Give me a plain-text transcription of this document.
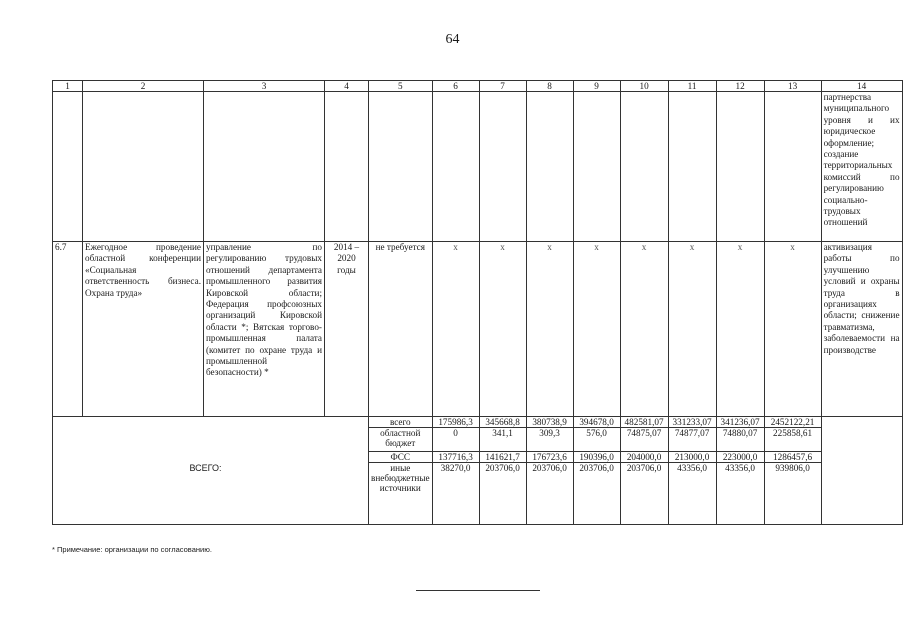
64
1	2	3	4	5	6	7	8	9	10	11	12	13	14
													партнерства муниципального уровня и их юридическое оформление; создание территориальных комиссий по регулированию социально-трудовых отношений
6.7	Ежегодное проведение областной конференции «Социальная ответственность бизнеса. Охрана труда»	управление по регулированию трудовых отношений департамента промышленного развития Кировской области; Федерация профсоюзных организаций Кировской области *; Вятская торгово-промышленная палата (комитет по охране труда и промышленной безопасности) *	2014 – 2020 годы	не требуется	х	х	х	х	х	х	х	х	активизация работы по улучшению условий и охраны труда в организациях области; снижение травматизма, заболеваемости на производстве
ВСЕГО:				всего	175986,3	345668,8	380738,9	394678,0	482581,07	331233,07	341236,07	2452122,21	
				областной бюджет	0	341,1	309,3	576,0	74875,07	74877,07	74880,07	225858,61	
				ФСС	137716,3	141621,7	176723,6	190396,0	204000,0	213000,0	223000,0	1286457,6	
				иные внебюджетные источники	38270,0	203706,0	203706,0	203706,0	203706,0	43356,0	43356,0	939806,0	
* Примечание: организации по согласованию.
